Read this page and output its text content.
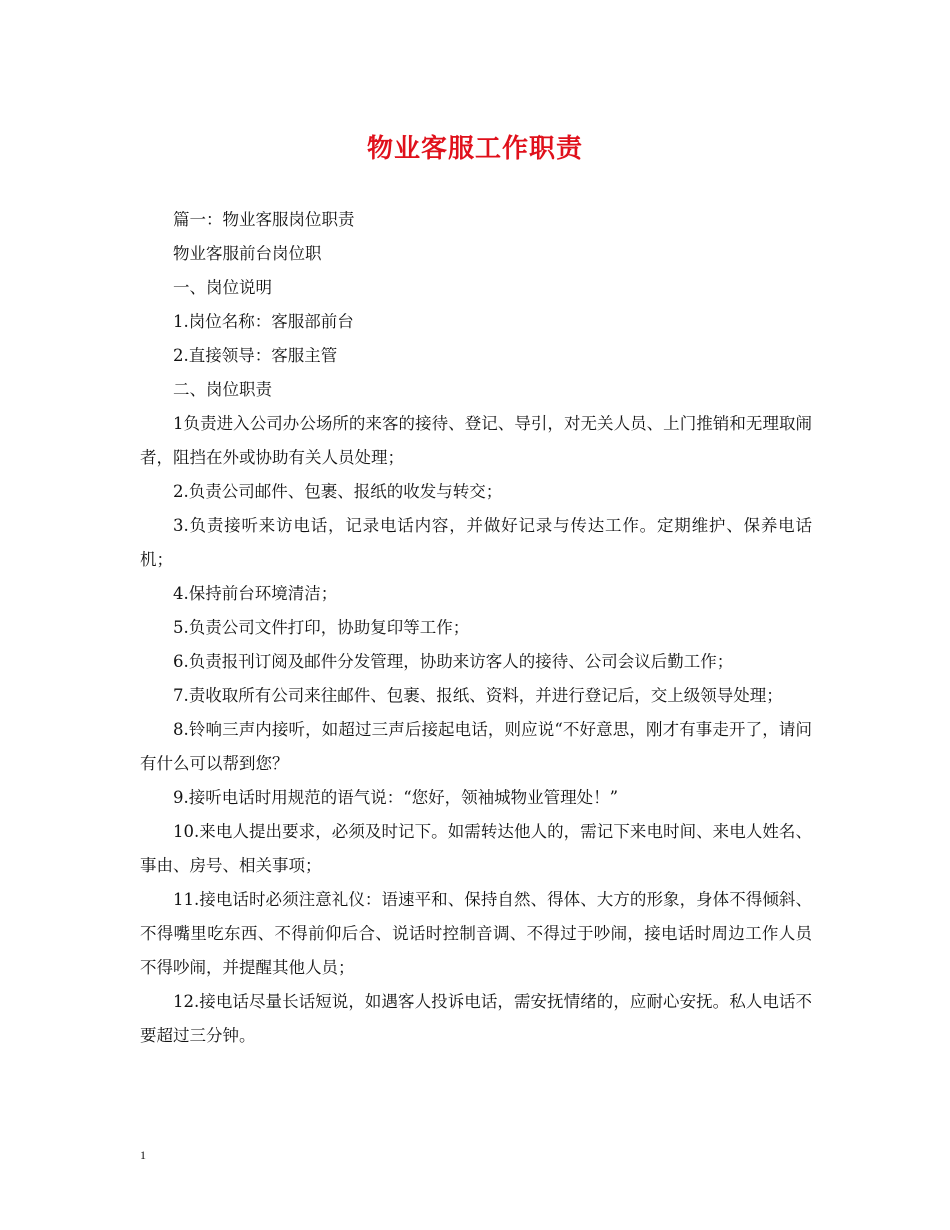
物业客服工作职责

篇一：物业客服岗位职责

物业客服前台岗位职

一、岗位说明

1.岗位名称：客服部前台

2.直接领导：客服主管

二、岗位职责

1负责进入公司办公场所的来客的接待、登记、导引，对无关人员、上门推销和无理取闹者，阻挡在外或协助有关人员处理；

2.负责公司邮件、包裹、报纸的收发与转交；

3.负责接听来访电话，记录电话内容，并做好记录与传达工作。定期维护、保养电话机；

4.保持前台环境清洁；

5.负责公司文件打印，协助复印等工作；

6.负责报刊订阅及邮件分发管理，协助来访客人的接待、公司会议后勤工作；

7.责收取所有公司来往邮件、包裹、报纸、资料，并进行登记后，交上级领导处理；

8.铃响三声内接听，如超过三声后接起电话，则应说“不好意思，刚才有事走开了，请问有什么可以帮到您？

9.接听电话时用规范的语气说：“您好，领袖城物业管理处！”

10.来电人提出要求，必须及时记下。如需转达他人的，需记下来电时间、来电人姓名、事由、房号、相关事项；

11.接电话时必须注意礼仪：语速平和、保持自然、得体、大方的形象，身体不得倾斜、不得嘴里吃东西、不得前仰后合、说话时控制音调、不得过于吵闹，接电话时周边工作人员不得吵闹，并提醒其他人员；

12.接电话尽量长话短说，如遇客人投诉电话，需安抚情绪的，应耐心安抚。私人电话不要超过三分钟。

1
